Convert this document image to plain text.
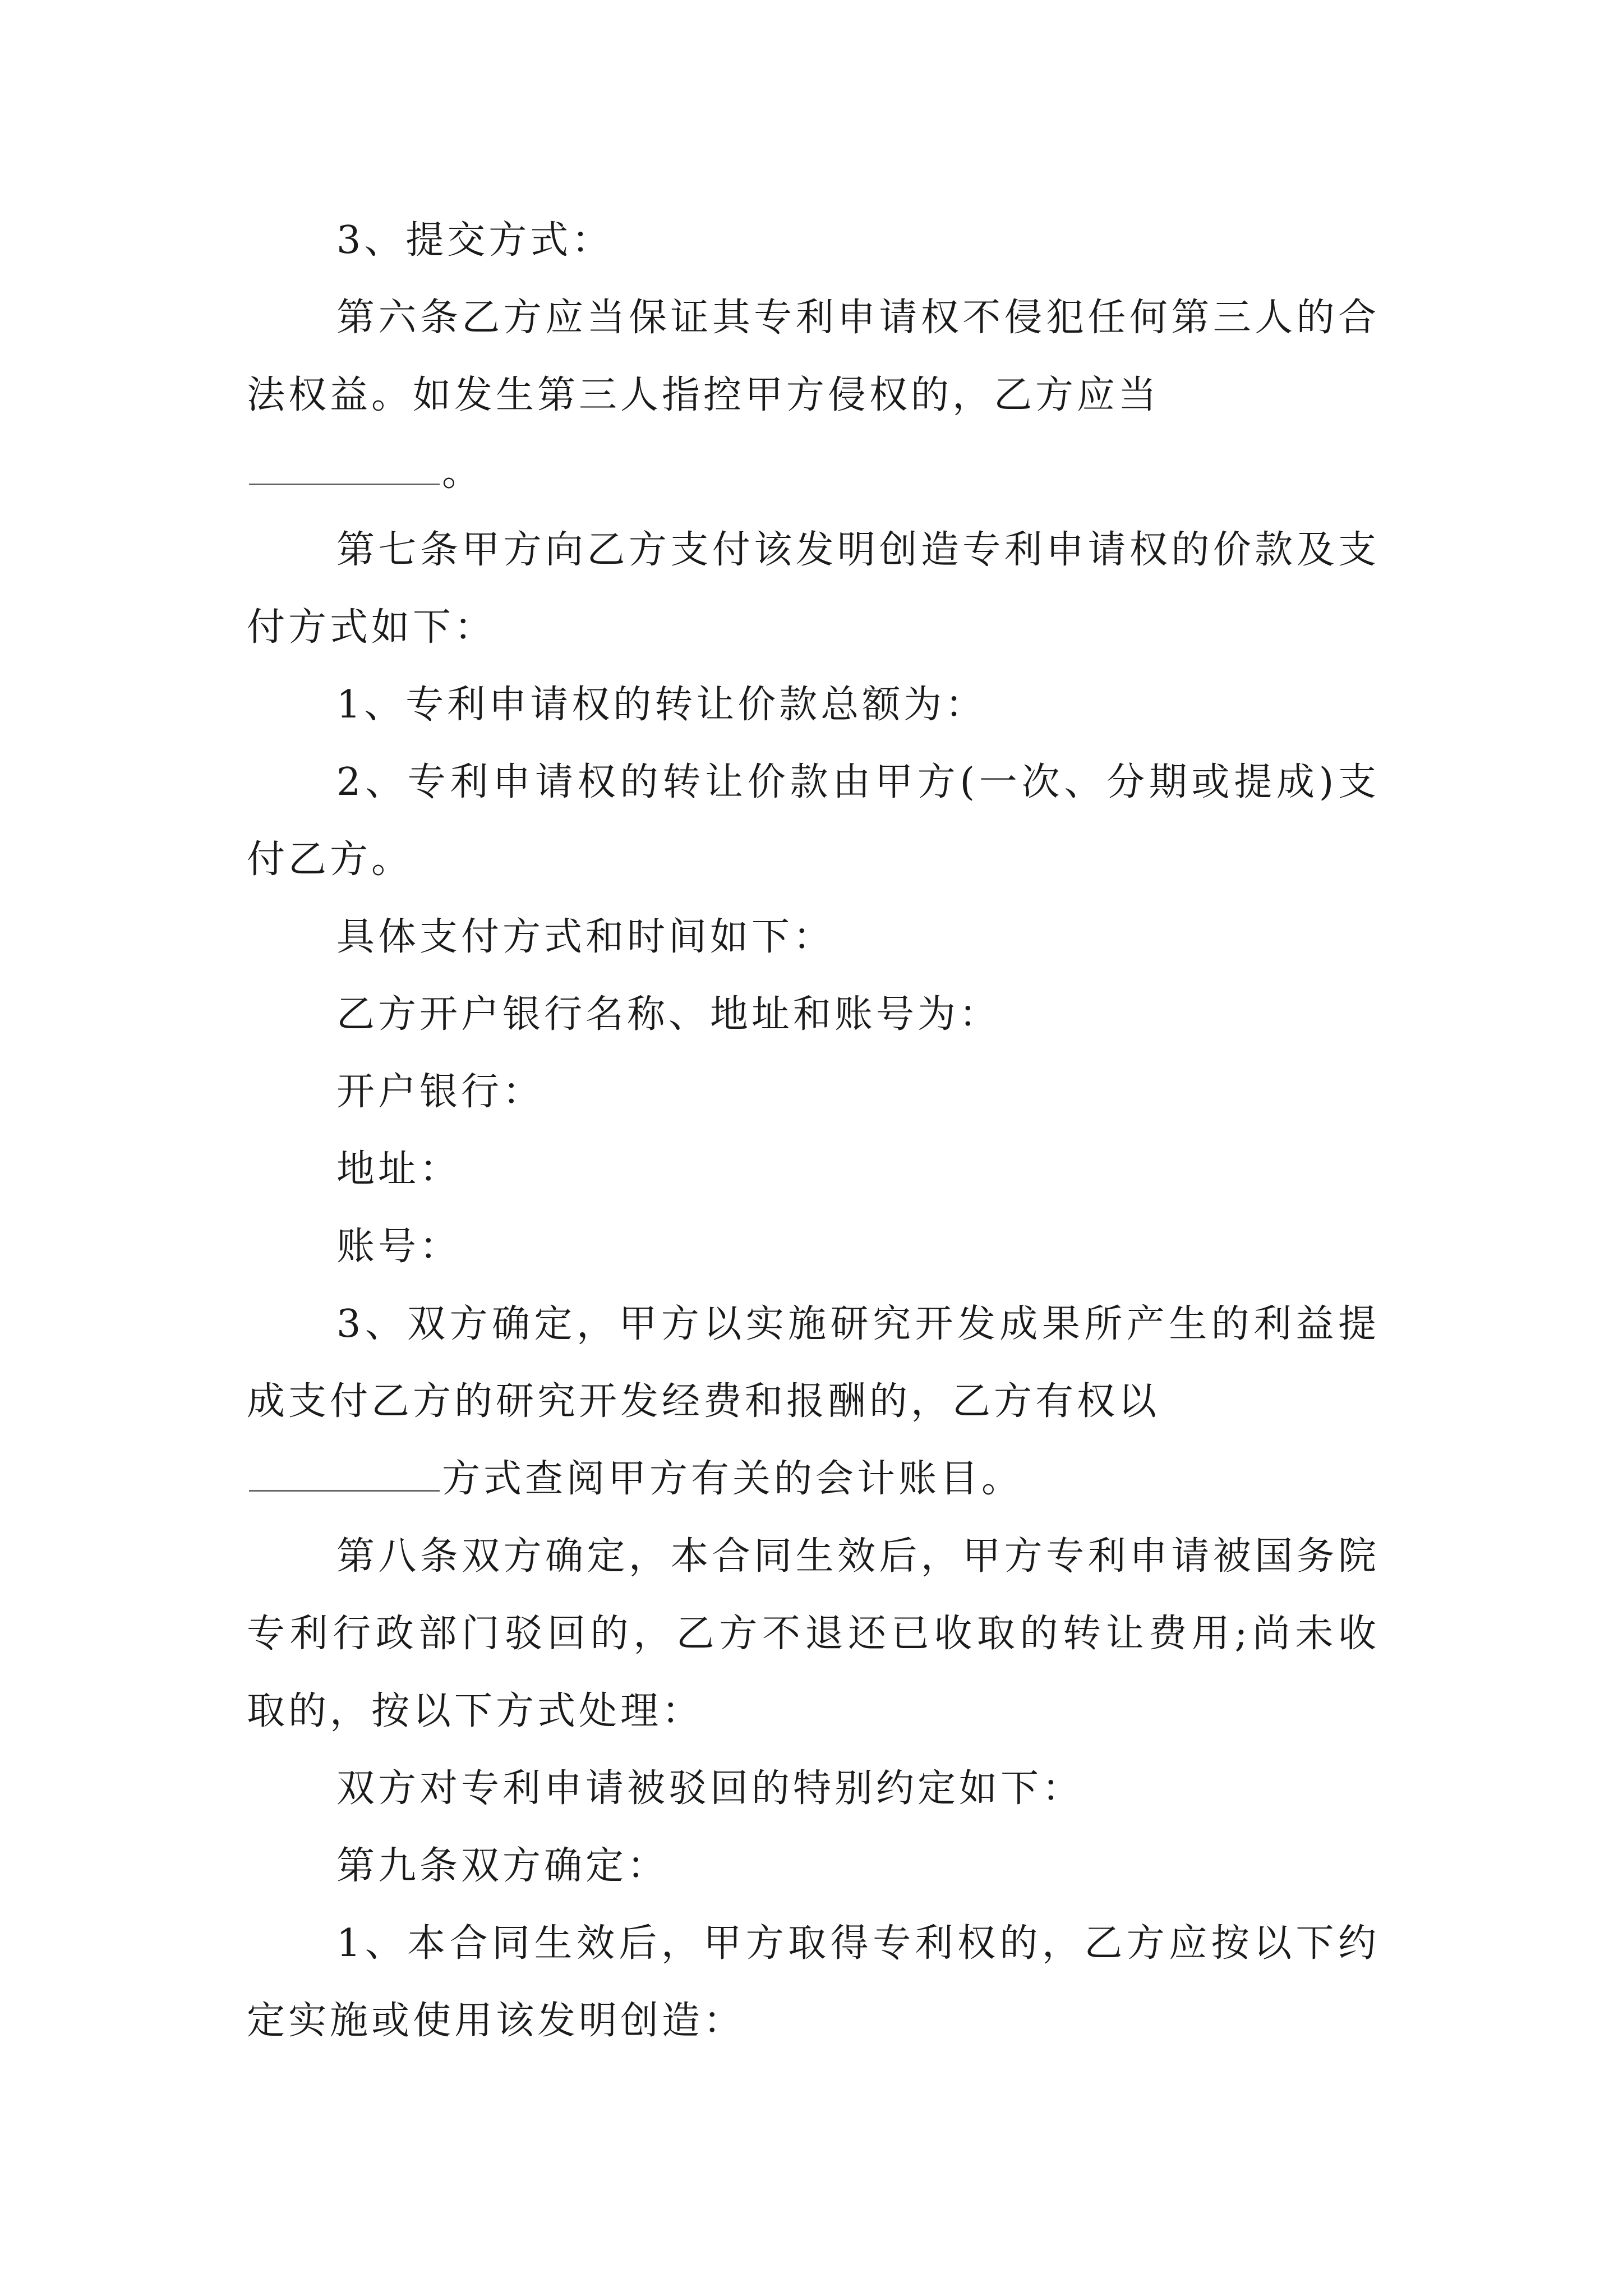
3、提交方式：

第六条乙方应当保证其专利申请权不侵犯任何第三人的合法权益。如发生第三人指控甲方侵权的，乙方应当

。

第七条甲方向乙方支付该发明创造专利申请权的价款及支付方式如下：

1、专利申请权的转让价款总额为：

2、专利申请权的转让价款由甲方(一次、分期或提成)支付乙方。

具体支付方式和时间如下：

乙方开户银行名称、地址和账号为：

开户银行：

地址：

账号：

3、双方确定，甲方以实施研究开发成果所产生的利益提成支付乙方的研究开发经费和报酬的，乙方有权以

方式查阅甲方有关的会计账目。

第八条双方确定，本合同生效后，甲方专利申请被国务院专利行政部门驳回的，乙方不退还已收取的转让费用;尚未收取的，按以下方式处理：

双方对专利申请被驳回的特别约定如下：

第九条双方确定：

1、本合同生效后，甲方取得专利权的，乙方应按以下约定实施或使用该发明创造：
